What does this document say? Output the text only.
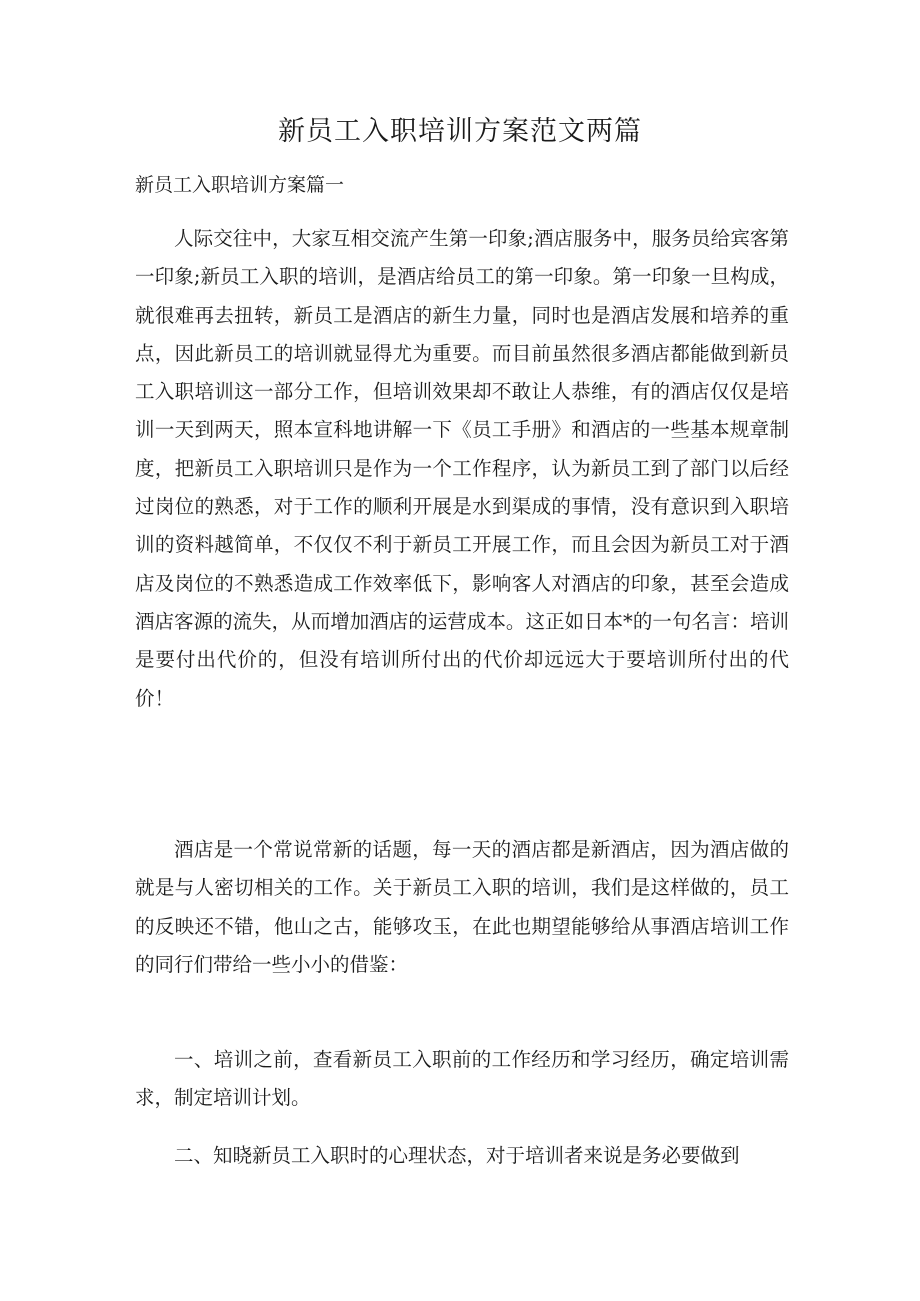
新员工入职培训方案范文两篇

新员工入职培训方案篇一

人际交往中，大家互相交流产生第一印象;酒店服务中，服务员给宾客第一印象;新员工入职的培训，是酒店给员工的第一印象。第一印象一旦构成，就很难再去扭转，新员工是酒店的新生力量，同时也是酒店发展和培养的重点，因此新员工的培训就显得尤为重要。而目前虽然很多酒店都能做到新员工入职培训这一部分工作，但培训效果却不敢让人恭维，有的酒店仅仅是培训一天到两天，照本宣科地讲解一下《员工手册》和酒店的一些基本规章制度，把新员工入职培训只是作为一个工作程序，认为新员工到了部门以后经过岗位的熟悉，对于工作的顺利开展是水到渠成的事情，没有意识到入职培训的资料越简单，不仅仅不利于新员工开展工作，而且会因为新员工对于酒店及岗位的不熟悉造成工作效率低下，影响客人对酒店的印象，甚至会造成酒店客源的流失，从而增加酒店的运营成本。这正如日本*的一句名言：培训是要付出代价的，但没有培训所付出的代价却远远大于要培训所付出的代价！

酒店是一个常说常新的话题，每一天的酒店都是新酒店，因为酒店做的就是与人密切相关的工作。关于新员工入职的培训，我们是这样做的，员工的反映还不错，他山之古，能够攻玉，在此也期望能够给从事酒店培训工作的同行们带给一些小小的借鉴：

一、培训之前，查看新员工入职前的工作经历和学习经历，确定培训需求，制定培训计划。

二、知晓新员工入职时的心理状态，对于培训者来说是务必要做到
